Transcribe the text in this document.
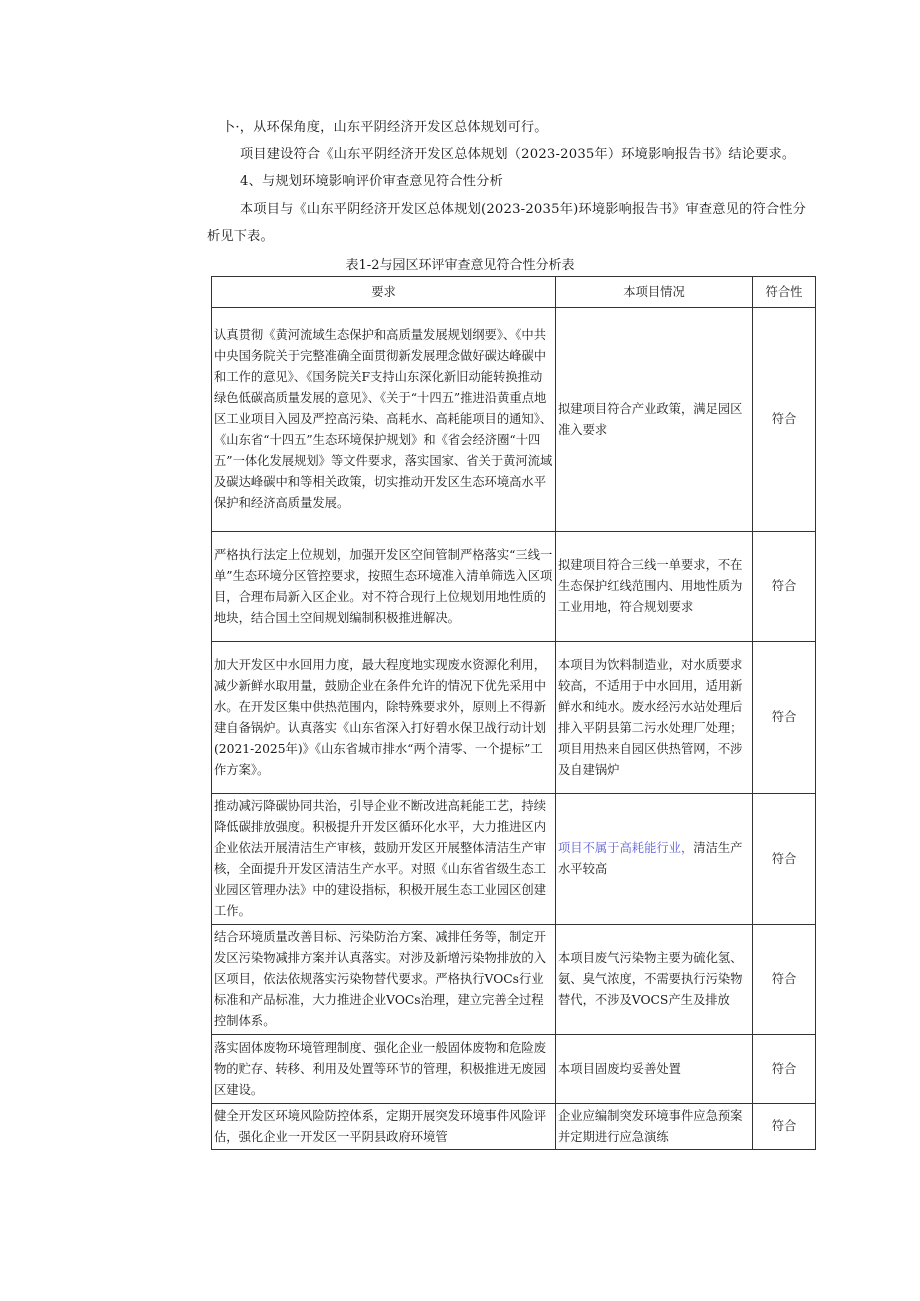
卜·，从环保角度，山东平阴经济开发区总体规划可行。
项目建设符合《山东平阴经济开发区总体规划（2023-2035年）环境影响报告书》结论要求。
4、与规划环境影响评价审查意见符合性分析
本项目与《山东平阴经济开发区总体规划(2023-2035年)环境影响报告书》审查意见的符合性分析见下表。
表1-2与园区环评审查意见符合性分析表
要求	本项目情况	符合性
认真贯彻《黄河流域生态保护和高质量发展规划纲要》、《中共中央国务院关于完整准确全面贯彻新发展理念做好碳达峰碳中和工作的意见》、《国务院关F支持山东深化新旧动能转换推动绿色低碳高质量发展的意见》、《关于“十四五”推进沿黄重点地区工业项目入园及严控高污染、高耗水、高耗能项目的通知》、《山东省“十四五”生态环境保护规划》和《省会经济圈“十四五”一体化发展规划》等文件要求，落实国家、省关于黄河流域及碳达峰碳中和等相关政策，切实推动开发区生态环境高水平保护和经济高质量发展。	拟建项目符合产业政策，满足园区准入要求	符合
严格执行法定上位规划，加强开发区空间管制严格落实“三线一单”生态环境分区管控要求，按照生态环境准入清单筛选入区项目，合理布局新入区企业。对不符合现行上位规划用地性质的地块，结合国土空间规划编制积极推进解决。	拟建项目符合三线一单要求，不在生态保护红线范围内、用地性质为工业用地，符合规划要求	符合
加大开发区中水回用力度，最大程度地实现废水资源化利用，减少新鲜水取用量，鼓励企业在条件允许的情况下优先采用中水。在开发区集中供热范围内，除特殊要求外，原则上不得新建自备锅炉。认真落实《山东省深入打好碧水保卫战行动计划(2021-2025年)》《山东省城市排水“两个清零、一个提标”工作方案》。	本项目为饮料制造业，对水质要求较高，不适用于中水回用，适用新鲜水和纯水。废水经污水站处理后排入平阴县第二污水处理厂处理；项目用热来自园区供热管网，不涉及自建锅炉	符合
推动减污降碳协同共治，引导企业不断改进高耗能工艺，持续降低碳排放强度。积极提升开发区循环化水平，大力推进区内企业依法开展清洁生产审核，鼓励开发区开展整体清洁生产审核，全面提升开发区清洁生产水平。对照《山东省省级生态工业园区管理办法》中的建设指标，积极开展生态工业园区创建工作。	项目不属于高耗能行业，清洁生产水平较高	符合
结合环境质量改善目标、污染防治方案、减排任务等，制定开发区污染物减排方案并认真落实。对涉及新增污染物排放的入区项目，依法依规落实污染物替代要求。严格执行VOCs行业标准和产品标准，大力推进企业VOCs治理，建立完善全过程控制体系。	本项目废气污染物主要为硫化氢、氨、臭气浓度，不需要执行污染物替代，不涉及VOCS产生及排放	符合
落实固体废物环境管理制度、强化企业一般固体废物和危险废物的贮存、转移、利用及处置等环节的管理，积极推进无废园区建设。	本项目固废均妥善处置	符合
健全开发区环境风险防控体系，定期开展突发环境事件风险评估，强化企业一开发区一平阴县政府环境管	企业应编制突发环境事件应急预案并定期进行应急演练	符合
